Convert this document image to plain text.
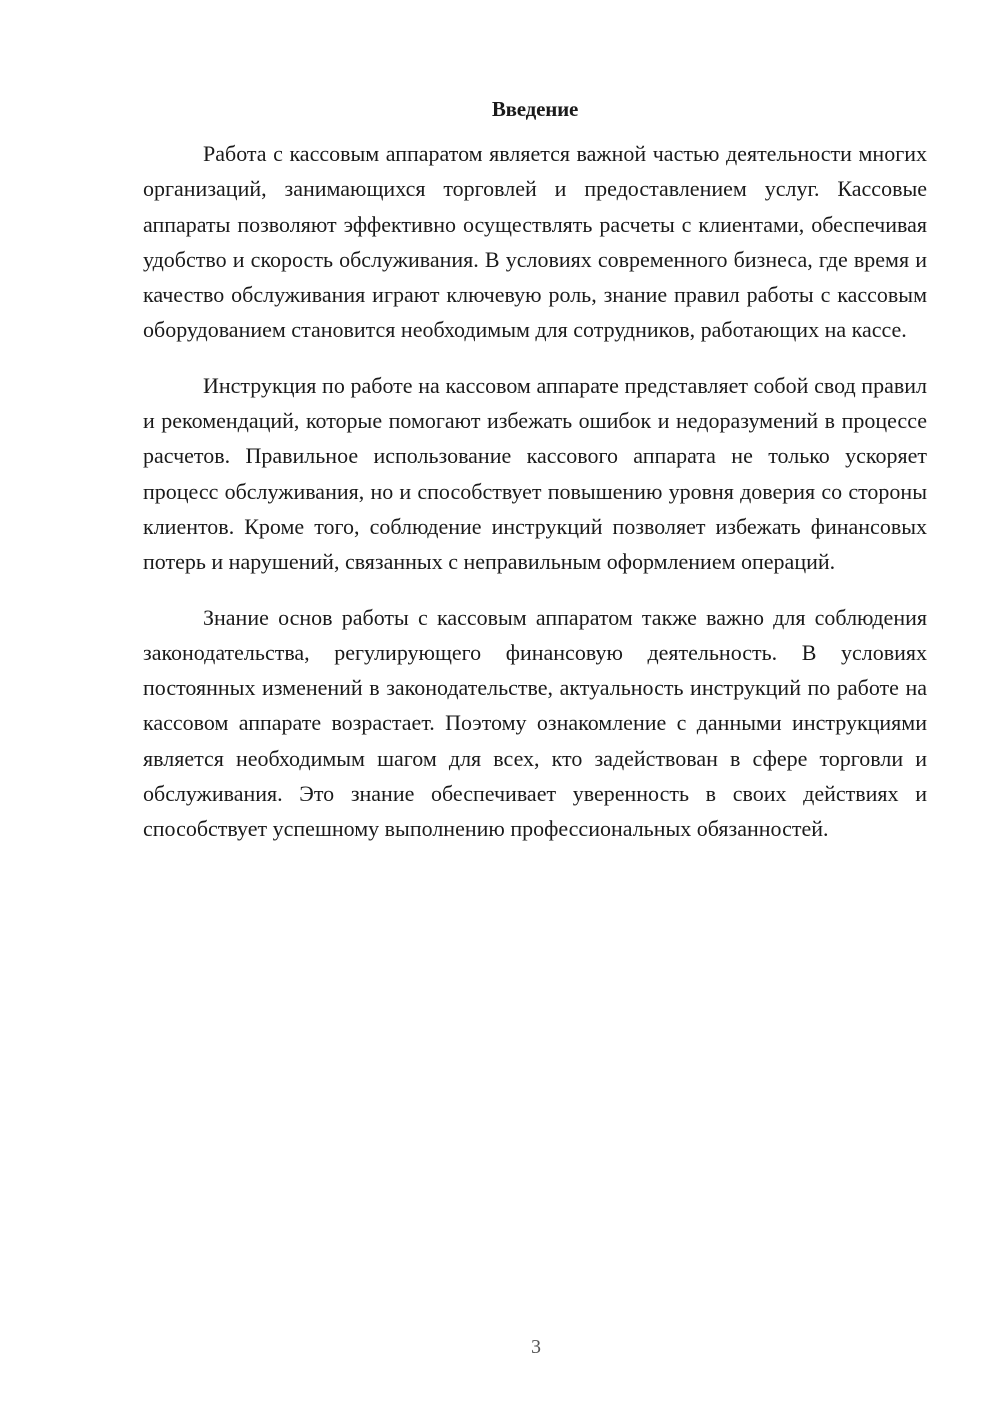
Введение

Работа с кассовым аппаратом является важной частью деятельности многих организаций, занимающихся торговлей и предоставлением услуг. Кассовые аппараты позволяют эффективно осуществлять расчеты с клиентами, обеспечивая удобство и скорость обслуживания. В условиях современного бизнеса, где время и качество обслуживания играют ключевую роль, знание правил работы с кассовым оборудованием становится необходимым для сотрудников, работающих на кассе.

Инструкция по работе на кассовом аппарате представляет собой свод правил и рекомендаций, которые помогают избежать ошибок и недоразумений в процессе расчетов. Правильное использование кассового аппарата не только ускоряет процесс обслуживания, но и способствует повышению уровня доверия со стороны клиентов. Кроме того, соблюдение инструкций позволяет избежать финансовых потерь и нарушений, связанных с неправильным оформлением операций.

Знание основ работы с кассовым аппаратом также важно для соблюдения законодательства, регулирующего финансовую деятельность. В условиях постоянных изменений в законодательстве, актуальность инструкций по работе на кассовом аппарате возрастает. Поэтому ознакомление с данными инструкциями является необходимым шагом для всех, кто задействован в сфере торговли и обслуживания. Это знание обеспечивает уверенность в своих действиях и способствует успешному выполнению профессиональных обязанностей.

3
